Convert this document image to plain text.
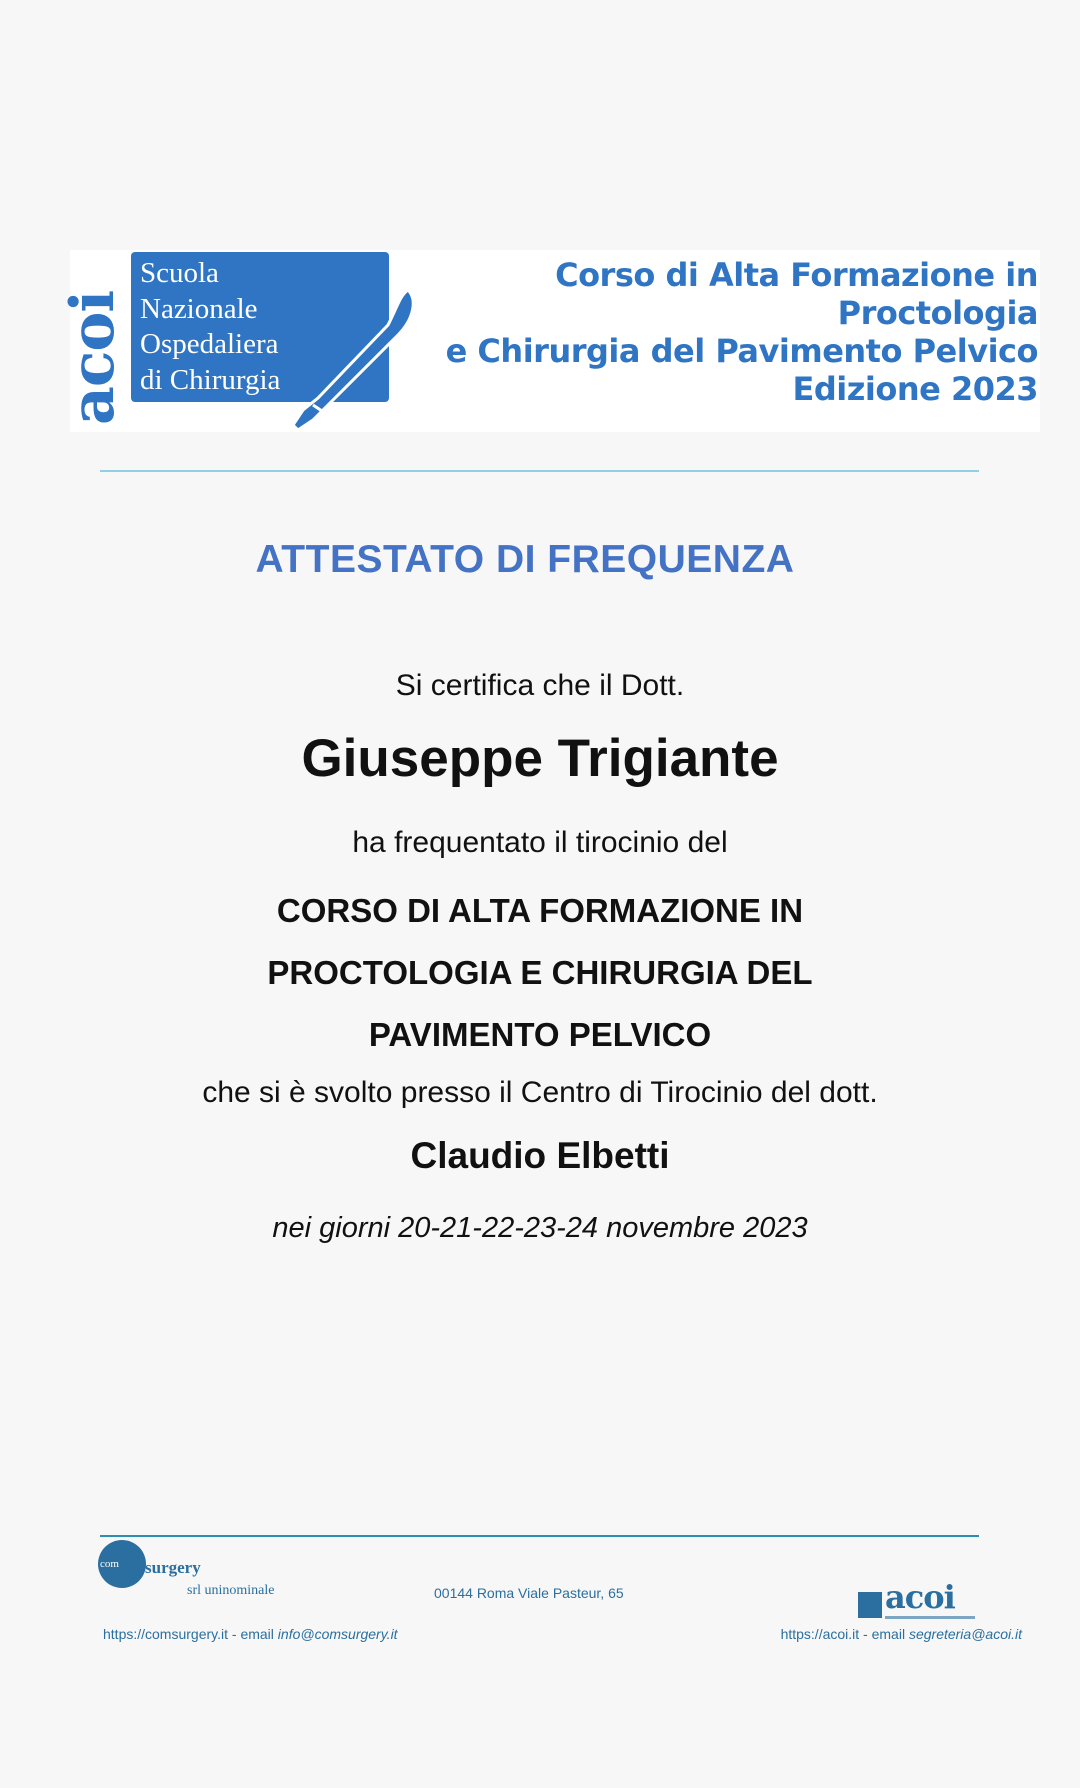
acoi
Scuola
Nazionale
Ospedaliera
di Chirurgia
Corso di Alta Formazione in
Proctologia
e Chirurgia del Pavimento Pelvico
Edizione 2023
ATTESTATO DI FREQUENZA
Si certifica che il Dott.
Giuseppe Trigiante
ha frequentato il tirocinio del
CORSO DI ALTA FORMAZIONE IN
PROCTOLOGIA E CHIRURGIA DEL
PAVIMENTO PELVICO
che si è svolto presso il Centro di Tirocinio del dott.
Claudio Elbetti
nei giorni 20-21-22-23-24 novembre 2023
com surgery
srl uninominale	00144 Roma Viale Pasteur, 65
https://comsurgery.it - email info@comsurgery.it
acoi
https://acoi.it - email segreteria@acoi.it
